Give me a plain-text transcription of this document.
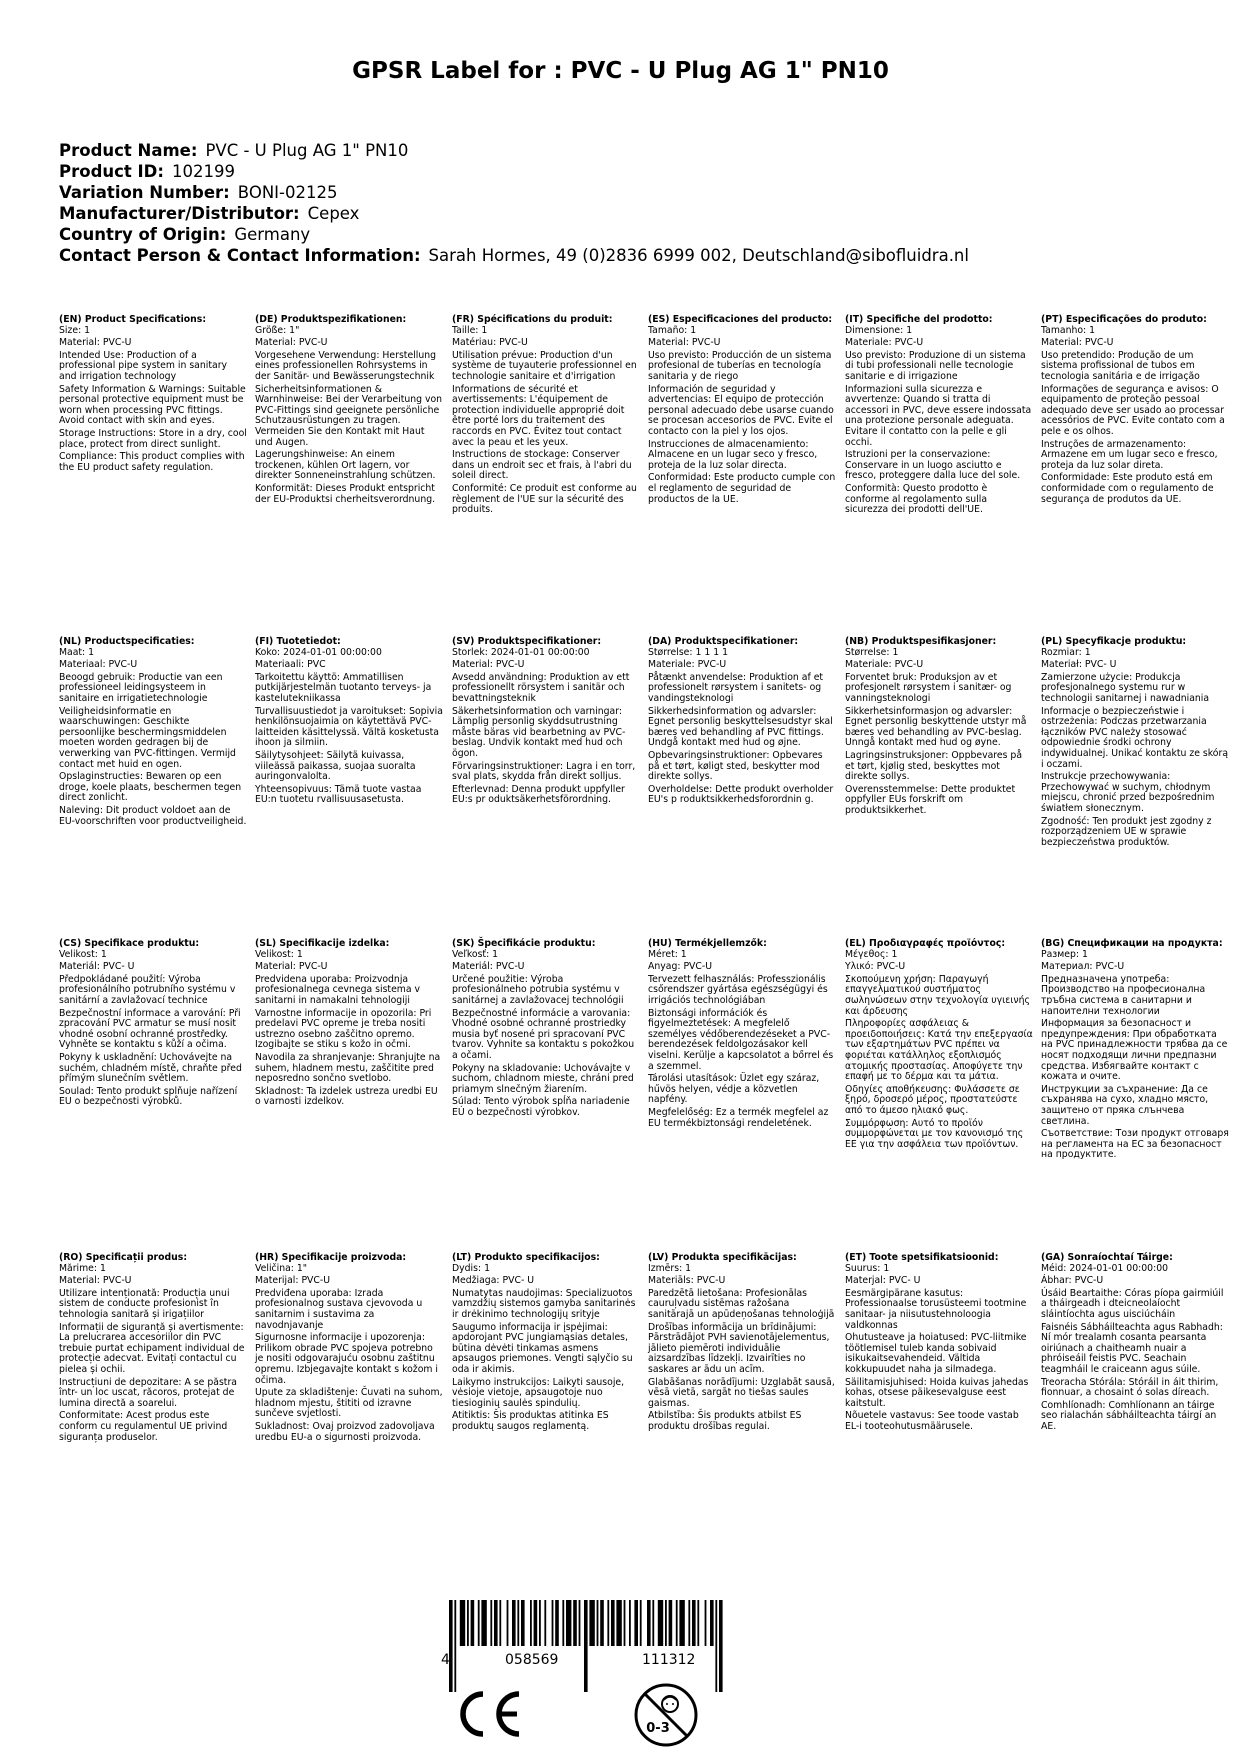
GPSR Label for : PVC - U Plug AG 1" PN10
Product Name: PVC - U Plug AG 1" PN10
Product ID: 102199
Variation Number: BONI-02125
Manufacturer/Distributor: Cepex
Country of Origin: Germany
Contact Person & Contact Information: Sarah Hormes, 49 (0)2836 6999 002, Deutschland@sibofluidra.nl
(EN) Product Specifications:

Size: 1

Material: PVC-U

Intended Use: Production of a professional pipe system in sanitary and irrigation technology

Safety Information & Warnings: Suitable personal protective equipment must be worn when processing PVC fittings. Avoid contact with skin and eyes.

Storage Instructions: Store in a dry, cool place, protect from direct sunlight.

Compliance: This product complies with the EU product safety regulation.

(DE) Produktspezifikationen:

Größe: 1"

Material: PVC-U

Vorgesehene Verwendung: Herstellung eines professionellen Rohrsystems in der Sanitär- und Bewässerungstechnik

Sicherheitsinformationen & Warnhinweise: Bei der Verarbeitung von PVC-Fittings sind geeignete persönliche Schutzausrüstungen zu tragen. Vermeiden Sie den Kontakt mit Haut und Augen.

Lagerungshinweise: An einem trockenen, kühlen Ort lagern, vor direkter Sonneneinstrahlung schützen.

Konformität: Dieses Produkt entspricht der EU-Produktsi cherheitsverordnung.

(FR) Spécifications du produit:

Taille: 1

Matériau: PVC-U

Utilisation prévue: Production d'un système de tuyauterie professionnel en technologie sanitaire et d'irrigation

Informations de sécurité et avertissements: L'équipement de protection individuelle approprié doit être porté lors du traitement des raccords en PVC. Évitez tout contact avec la peau et les yeux.

Instructions de stockage: Conserver dans un endroit sec et frais, à l'abri du soleil direct.

Conformité: Ce produit est conforme au règlement de l'UE sur la sécurité des produits.

(ES) Especificaciones del producto:

Tamaño: 1

Material: PVC-U

Uso previsto: Producción de un sistema profesional de tuberías en tecnología sanitaria y de riego

Información de seguridad y advertencias: El equipo de protección personal adecuado debe usarse cuando se procesan accesorios de PVC. Evite el contacto con la piel y los ojos.

Instrucciones de almacenamiento: Almacene en un lugar seco y fresco, proteja de la luz solar directa.

Conformidad: Este producto cumple con el reglamento de seguridad de productos de la UE.

(IT) Specifiche del prodotto:

Dimensione: 1

Materiale: PVC-U

Uso previsto: Produzione di un sistema di tubi professionali nelle tecnologie sanitarie e di irrigazione

Informazioni sulla sicurezza e avvertenze: Quando si tratta di accessori in PVC, deve essere indossata una protezione personale adeguata. Evitare il contatto con la pelle e gli occhi.

Istruzioni per la conservazione: Conservare in un luogo asciutto e fresco, proteggere dalla luce del sole.

Conformità: Questo prodotto è conforme al regolamento sulla sicurezza dei prodotti dell'UE.

(PT) Especificações do produto:

Tamanho: 1

Material: PVC-U

Uso pretendido: Produção de um sistema profissional de tubos em tecnologia sanitária e de irrigação

Informações de segurança e avisos: O equipamento de proteção pessoal adequado deve ser usado ao processar acessórios de PVC. Evite contato com a pele e os olhos.

Instruções de armazenamento: Armazene em um lugar seco e fresco, proteja da luz solar direta.

Conformidade: Este produto está em conformidade com o regulamento de segurança de produtos da UE.

(NL) Productspecificaties:

Maat: 1

Materiaal: PVC-U

Beoogd gebruik: Productie van een professioneel leidingsysteem in sanitaire en irrigatietechnologie

Veiligheidsinformatie en waarschuwingen: Geschikte persoonlijke beschermingsmiddelen moeten worden gedragen bij de verwerking van PVC-fittingen. Vermijd contact met huid en ogen.

Opslaginstructies: Bewaren op een droge, koele plaats, beschermen tegen direct zonlicht.

Naleving: Dit product voldoet aan de EU-voorschriften voor productveiligheid.

(FI) Tuotetiedot:

Koko: 2024-01-01 00:00:00

Materiaali: PVC

Tarkoitettu käyttö: Ammatillisen putkijärjestelmän tuotanto terveys- ja kastelutekniikassa

Turvallisuustiedot ja varoitukset: Sopivia henkilönsuojaimia on käytettävä PVC-laitteiden käsittelyssä. Vältä kosketusta ihoon ja silmiin.

Säilytysohjeet: Säilytä kuivassa, viileässä paikassa, suojaa suoralta auringonvalolta.

Yhteensopivuus: Tämä tuote vastaa EU:n tuotetu rvallisuusasetusta.

(SV) Produktspecifikationer:

Storlek: 2024-01-01 00:00:00

Material: PVC-U

Avsedd användning: Produktion av ett professionellt rörsystem i sanitär och bevattningsteknik

Säkerhetsinformation och varningar: Lämplig personlig skyddsutrustning måste bäras vid bearbetning av PVC-beslag. Undvik kontakt med hud och ögon.

Förvaringsinstruktioner: Lagra i en torr, sval plats, skydda från direkt solljus.

Efterlevnad: Denna produkt uppfyller EU:s pr oduktsäkerhetsförordning.

(DA) Produktspecifikationer:

Størrelse: 1 1 1 1

Materiale: PVC-U

Påtænkt anvendelse: Produktion af et professionelt rørsystem i sanitets- og vandingsteknologi

Sikkerhedsinformation og advarsler: Egnet personlig beskyttelsesudstyr skal bæres ved behandling af PVC fittings. Undgå kontakt med hud og øjne.

Opbevaringsinstruktioner: Opbevares på et tørt, køligt sted, beskytter mod direkte sollys.

Overholdelse: Dette produkt overholder EU's p roduktsikkerhedsforordnin g.

(NB) Produktspesifikasjoner:

Størrelse: 1

Materiale: PVC-U

Forventet bruk: Produksjon av et profesjonelt rørsystem i sanitær- og vanningsteknologi

Sikkerhetsinformasjon og advarsler: Egnet personlig beskyttende utstyr må bæres ved behandling av PVC-beslag. Unngå kontakt med hud og øyne.

Lagringsinstruksjoner: Oppbevares på et tørt, kjølig sted, beskyttes mot direkte sollys.

Overensstemmelse: Dette produktet oppfyller EUs forskrift om produktsikkerhet.

(PL) Specyfikacje produktu:

Rozmiar: 1

Materiał: PVC- U

Zamierzone użycie: Produkcja profesjonalnego systemu rur w technologii sanitarnej i nawadniania

Informacje o bezpieczeństwie i ostrzeżenia: Podczas przetwarzania łączników PVC należy stosować odpowiednie środki ochrony indywidualnej. Unikać kontaktu ze skórą i oczami.

Instrukcje przechowywania: Przechowywać w suchym, chłodnym miejscu, chronić przed bezpośrednim światłem słonecznym.

Zgodność: Ten produkt jest zgodny z rozporządzeniem UE w sprawie bezpieczeństwa produktów.

(CS) Specifikace produktu:

Velikost: 1

Materiál: PVC- U

Předpokládané použití: Výroba profesionálního potrubního systému v sanitární a zavlažovací technice

Bezpečnostní informace a varování: Při zpracování PVC armatur se musí nosit vhodné osobní ochranné prostředky. Vyhněte se kontaktu s kůží a očima.

Pokyny k uskladnění: Uchovávejte na suchém, chladném místě, chraňte před přímým slunečním světlem.

Soulad: Tento produkt splňuje nařízení EU o bezpečnosti výrobků.

(SL) Specifikacije izdelka:

Velikost: 1

Material: PVC-U

Predvidena uporaba: Proizvodnja profesionalnega cevnega sistema v sanitarni in namakalni tehnologiji

Varnostne informacije in opozorila: Pri predelavi PVC opreme je treba nositi ustrezno osebno zaščitno opremo. Izogibajte se stiku s kožo in očmi.

Navodila za shranjevanje: Shranjujte na suhem, hladnem mestu, zaščitite pred neposredno sončno svetlobo.

Skladnost: Ta izdelek ustreza uredbi EU o varnosti izdelkov.

(SK) Špecifikácie produktu:

Veľkosť: 1

Materiál: PVC-U

Určené použitie: Výroba profesionálneho potrubia systému v sanitárnej a zavlažovacej technológii

Bezpečnostné informácie a varovania: Vhodné osobné ochranné prostriedky musia byť nosené pri spracovaní PVC tvarov. Vyhnite sa kontaktu s pokožkou a očami.

Pokyny na skladovanie: Uchovávajte v suchom, chladnom mieste, chráni pred priamym slnečným žiarením.

Súlad: Tento výrobok spĺňa nariadenie EÚ o bezpečnosti výrobkov.

(HU) Termékjellemzők:

Méret: 1

Anyag: PVC-U

Tervezett felhasználás: Professzionális csőrendszer gyártása egészségügyi és irrigációs technológiában

Biztonsági információk és figyelmeztetések: A megfelelő személyes védőberendezéseket a PVC-berendezések feldolgozásakor kell viselni. Kerülje a kapcsolatot a bőrrel és a szemmel.

Tárolási utasítások: Üzlet egy száraz, hűvös helyen, védje a közvetlen napfény.

Megfelelőség: Ez a termék megfelel az EU termékbiztonsági rendeletének.

(EL) Προδιαγραφές προϊόντος:

Μέγεθος: 1

Υλικό: PVC-U

Σκοπούμενη χρήση: Παραγωγή επαγγελματικού συστήματος σωληνώσεων στην τεχνολογία υγιεινής και άρδευσης

Πληροφορίες ασφάλειας & προειδοποιήσεις: Κατά την επεξεργασία των εξαρτημάτων PVC πρέπει να φοριέται κατάλληλος εξοπλισμός ατομικής προστασίας. Αποφύγετε την επαφή με το δέρμα και τα μάτια.

Οδηγίες αποθήκευσης: Φυλάσσετε σε ξηρό, δροσερό μέρος, προστατεύστε από το άμεσο ηλιακό φως.

Συμμόρφωση: Αυτό το προϊόν συμμορφώνεται με τον κανονισμό της ΕΕ για την ασφάλεια των προϊόντων.

(BG) Спецификации на продукта:

Размер: 1

Материал: PVC-U

Предназначена употреба: Производство на професионална тръбна система в санитарни и напоителни технологии

Информация за безопасност и предупреждения: При обработката на PVC принадлежности трябва да се носят подходящи лични предпазни средства. Избягвайте контакт с кожата и очите.

Инструкции за съхранение: Да се съхранява на сухо, хладно място, защитено от пряка слънчева светлина.

Съответствие: Този продукт отговаря на регламента на ЕС за безопасност на продуктите.

(RO) Specificații produs:

Mărime: 1

Material: PVC-U

Utilizare intenționată: Producția unui sistem de conducte profesionist în tehnologia sanitară și irigațiilor

Informații de siguranță și avertismente: La prelucrarea accesoriilor din PVC trebuie purtat echipament individual de protecție adecvat. Evitați contactul cu pielea și ochii.

Instrucțiuni de depozitare: A se păstra într- un loc uscat, răcoros, protejat de lumina directă a soarelui.

Conformitate: Acest produs este conform cu regulamentul UE privind siguranța produselor.

(HR) Specifikacije proizvoda:

Veličina: 1"

Materijal: PVC-U

Predviđena uporaba: Izrada profesionalnog sustava cjevovoda u sanitarnim i sustavima za navodnjavanje

Sigurnosne informacije i upozorenja: Prilikom obrade PVC spojeva potrebno je nositi odgovarajuću osobnu zaštitnu opremu. Izbjegavajte kontakt s kožom i očima.

Upute za skladištenje: Čuvati na suhom, hladnom mjestu, štititi od izravne sunčeve svjetlosti.

Sukladnost: Ovaj proizvod zadovoljava uredbu EU-a o sigurnosti proizvoda.

(LT) Produkto specifikacijos:

Dydis: 1

Medžiaga: PVC- U

Numatytas naudojimas: Specializuotos vamzdžių sistemos gamyba sanitarinės ir drėkinimo technologijų srityje

Saugumo informacija ir įspėjimai: apdorojant PVC jungiamąsias detales, būtina dėvėti tinkamas asmens apsaugos priemones. Vengti sąlyčio su oda ir akimis.

Laikymo instrukcijos: Laikyti sausoje, vėsioje vietoje, apsaugotoje nuo tiesioginių saulės spindulių.

Atitiktis: Šis produktas atitinka ES produktų saugos reglamentą.

(LV) Produkta specifikācijas:

Izmērs: 1

Materiāls: PVC-U

Paredzētā lietošana: Profesionālas cauruļvadu sistēmas ražošana sanitārajā un apūdeņošanas tehnoloģijā

Drošības informācija un brīdinājumi: Pārstrādājot PVH savienotājelementus, jālieto piemēroti individuālie aizsardzības līdzekļi. Izvairīties no saskares ar ādu un acīm.

Glabāšanas norādījumi: Uzglabāt sausā, vēsā vietā, sargāt no tiešas saules gaismas.

Atbilstība: Šis produkts atbilst ES produktu drošības regulai.

(ET) Toote spetsifikatsioonid:

Suurus: 1

Materjal: PVC- U

Eesmärgipärane kasutus: Professionaalse torusüsteemi tootmine sanitaar- ja niisutustehnoloogia valdkonnas

Ohutusteave ja hoiatused: PVC-liitmike töötlemisel tuleb kanda sobivaid isikukaitsevahendeid. Vältida kokkupuudet naha ja silmadega.

Säilitamisjuhised: Hoida kuivas jahedas kohas, otsese päikesevalguse eest kaitstult.

Nõuetele vastavus: See toode vastab EL-i tooteohutusmääruselе.

(GA) Sonraíochtaí Táirge:

Méid: 2024-01-01 00:00:00

Ábhar: PVC-U

Úsáid Beartaithe: Córas píopa gairmiúil a tháirgeadh i dteicneolaíocht sláintíochta agus uisciúcháin

Faisnéis Sábháilteachta agus Rabhadh: Ní mór trealamh cosanta pearsanta oiriúnach a chaitheamh nuair a phróiseáil feistis PVC. Seachain teagmháil le craiceann agus súile.

Treoracha Stórála: Stóráil in áit thirim, fionnuar, a chosaint ó solas díreach.

Comhlíonadh: Comhlíonann an táirge seo rialachán sábháilteachta táirgí an AE.

4	058569	111312
0-3
